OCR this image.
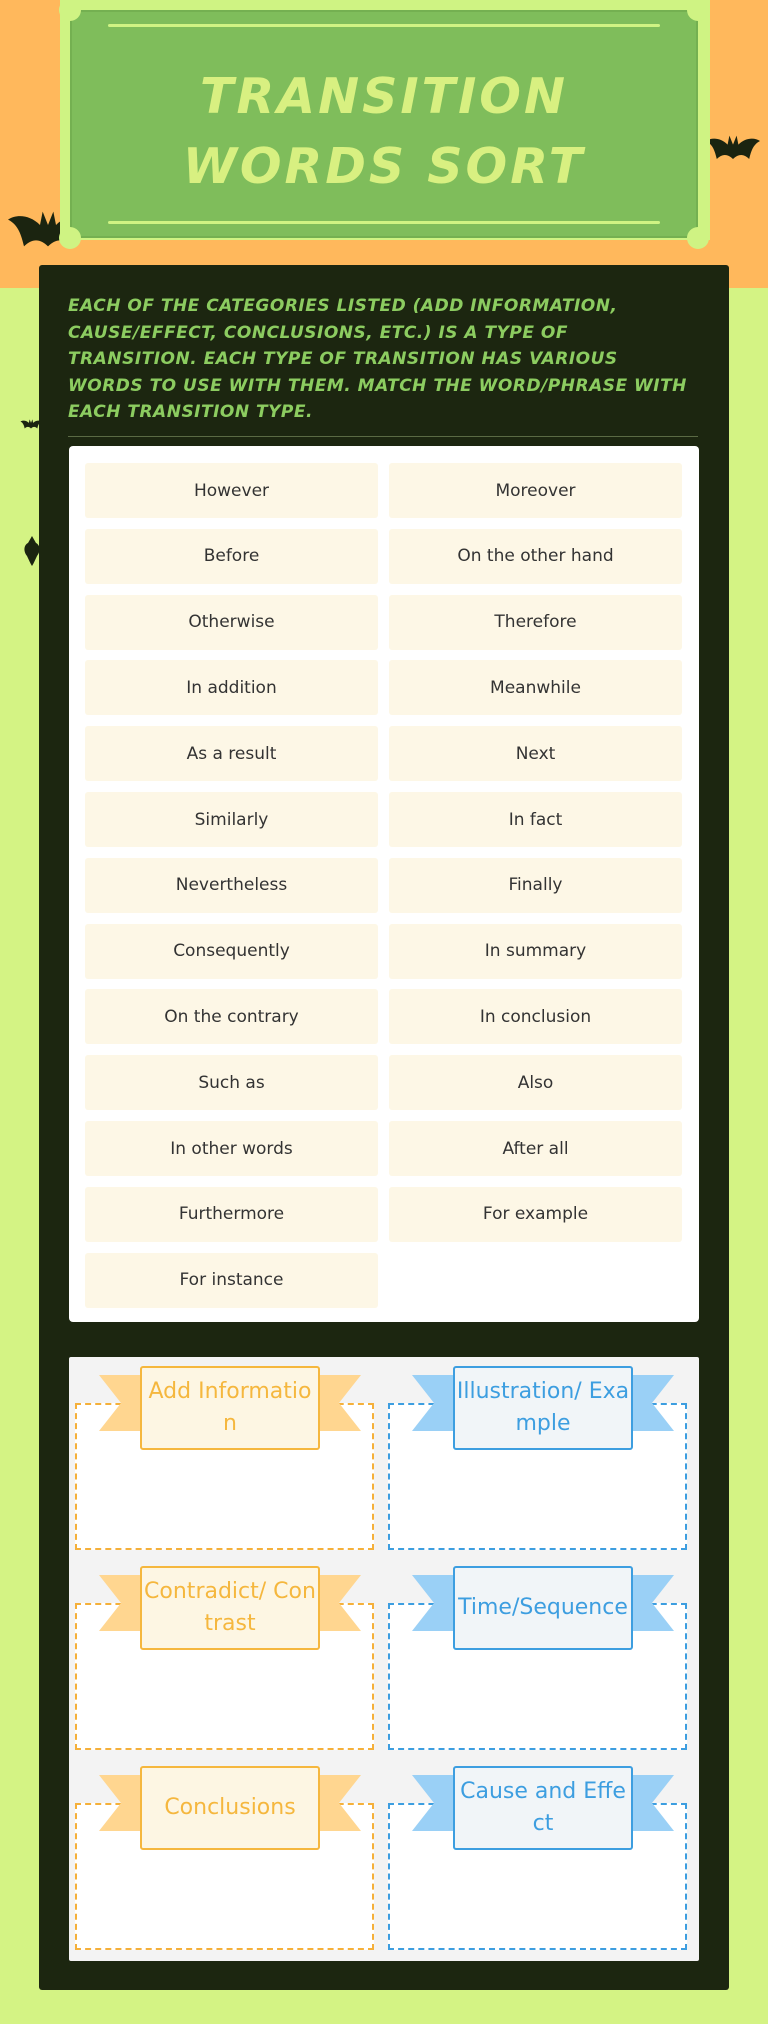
TRANSITION WORDS SORT
EACH OF THE CATEGORIES LISTED (ADD INFORMATION, CAUSE/EFFECT, CONCLUSIONS, ETC.) IS A TYPE OF TRANSITION. EACH TYPE OF TRANSITION HAS VARIOUS WORDS TO USE WITH THEM. MATCH THE WORD/PHRASE WITH EACH TRANSITION TYPE.
However	Moreover
Before	On the other hand
Otherwise	Therefore
In addition	Meanwhile
As a result	Next
Similarly	In fact
Nevertheless	Finally
Consequently	In summary
On the contrary	In conclusion
Such as	Also
In other words	After all
Furthermore	For example
For instance
Add Information
Illustration/ Example
Contradict/ Contrast
Time/Sequence
Conclusions
Cause and Effect
